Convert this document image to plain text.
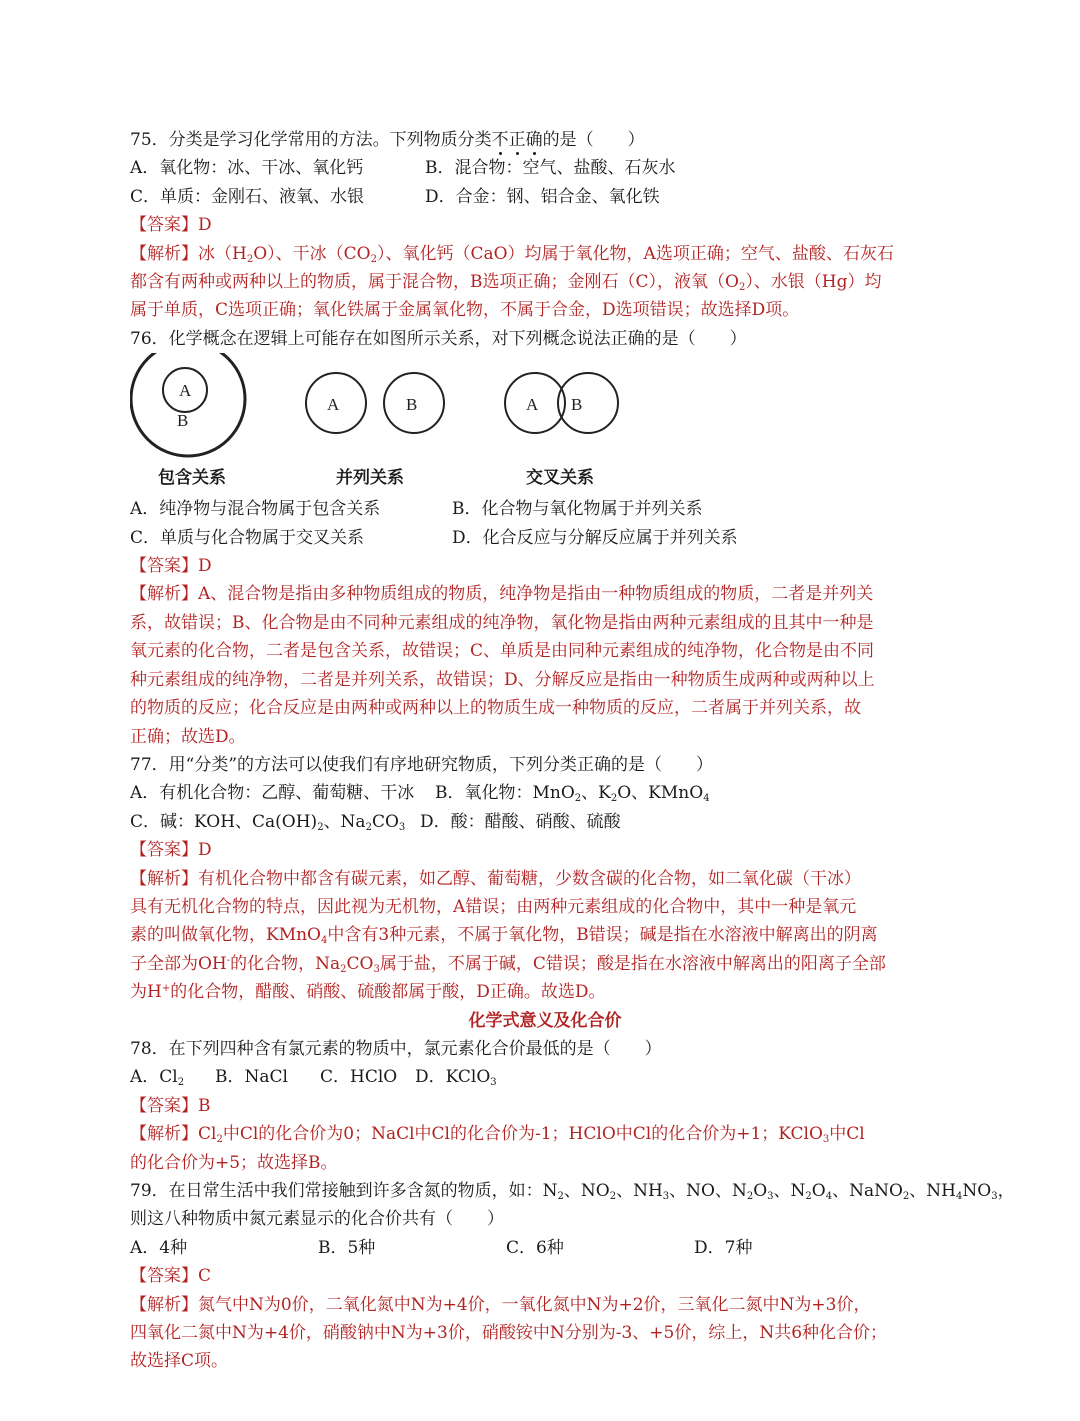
75．分类是学习化学常用的方法。下列物质分类不正确的是（　　）
A．氧化物：冰、干冰、氧化钙	B．混合物：空气、盐酸、石灰水
C．单质：金刚石、液氧、水银	D．合金：钢、铝合金、氧化铁
【答案】D
【解析】冰$(H_2O)$、干冰$(CO_2)$、氧化钙（CaO）均属于氧化物，A选项正确；空气、盐酸、石灰石
都含有两种或两种以上的物质，属于混合物，B选项正确；金刚石（C），液氧$(O_2)$、水银（Hg）均
属于单质，C选项正确；氧化铁属于金属氧化物，不属于合金，D选项错误；故选择D项。
76．化学概念在逻辑上可能存在如图所示关系，对下列概念说法正确的是（　　）
A
B
A	B	A B
包含关系	并列关系	交叉关系
A．纯净物与混合物属于包含关系	B．化合物与氧化物属于并列关系
C．单质与化合物属于交叉关系	D．化合反应与分解反应属于并列关系
【答案】D
【解析】A、混合物是指由多种物质组成的物质，纯净物是指由一种物质组成的物质，二者是并列关
系，故错误；B、化合物是由不同种元素组成的纯净物，氧化物是指由两种元素组成的且其中一种是
氧元素的化合物，二者是包含关系，故错误；C、单质是由同种元素组成的纯净物，化合物是由不同
种元素组成的纯净物，二者是并列关系，故错误；D、分解反应是指由一种物质生成两种或两种以上
的物质的反应；化合反应是由两种或两种以上的物质生成一种物质的反应，二者属于并列关系，故
正确；故选D。
77．用“分类”的方法可以使我们有序地研究物质，下列分类正确的是（　　）
A．有机化合物：乙醇、葡萄糖、干冰	B．氧化物：MnO$_2$、$K_2O$、KMnO$_4$
C．碱：KOH、$Ca(OH)_2$、$Na_2CO_3$ D．酸：醋酸、硝酸、硫酸
【答案】D
【解析】有机化合物中都含有碳元素，如乙醇、葡萄糖，少数含碳的化合物，如二氧化碳（干冰）
具有无机化合物的特点，因此视为无机物，A错误；由两种元素组成的化合物中，其中一种是氧元
素的叫做氧化物，KMnO$_4$中含有3种元素，不属于氧化物，B错误；碱是指在水溶液中解离出的阴离
子全部为OH-的化合物，$Na_2CO_3$属于盐，不属于碱，C错误；酸是指在水溶液中解离出的阳离子全部
为H+的化合物，醋酸、硝酸、硫酸都属于酸，D正确。故选D。
化学式意义及化合价
78．在下列四种含有氯元素的物质中，氯元素化合价最低的是（　　）
A．$Cl_2$	B．NaCl	C．HClO	D．KClO$_3$
【答案】B
【解析】$Cl_2$中Cl的化合价为0；NaCl中Cl的化合价为-1；HClO中Cl的化合价为+1；KClO$_3$中Cl
的化合价为+5；故选择B。
79．在日常生活中我们常接触到许多含氮的物质，如：$N_2$、$NO_2$、$NH_3$、NO、$N_2O_3$、$N_2O_4$、NaNO$_2$、$NH_4NO_3$，
则这八种物质中氮元素显示的化合价共有（　　）
A．4种	B．5种	C．6种	D．7种
【答案】C
【解析】氮气中N为0价，二氧化氮中N为+4价，一氧化氮中N为+2价，三氧化二氮中N为+3价，
四氧化二氮中N为+4价，硝酸钠中N为+3价，硝酸铵中N分别为-3、+5价，综上，N共6种化合价；
故选择C项。
